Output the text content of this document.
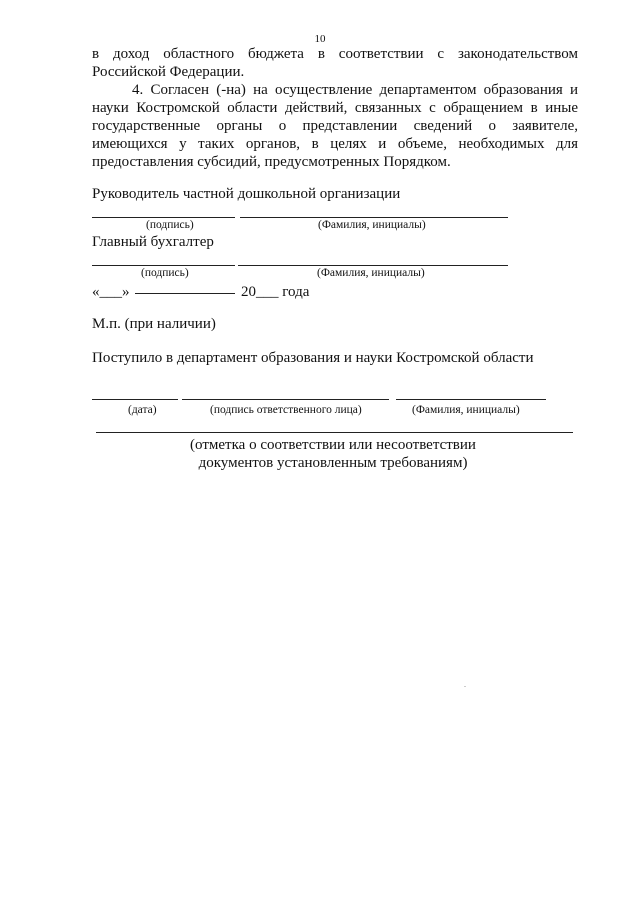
10
в доход областного бюджета в соответствии с законодательством
Российской Федерации.
4. Согласен (-на) на осуществление департаментом образования и
науки Костромской области действий, связанных с обращением в иные
государственные органы о представлении сведений о заявителе,
имеющихся у таких органов, в целях и объеме, необходимых для
предоставления субсидий, предусмотренных Порядком.
Руководитель частной дошкольной организации
(подпись)	(Фамилия, инициалы)
Главный бухгалтер
(подпись)	(Фамилия, инициалы)
«___»	20___ года
М.п. (при наличии)
Поступило в департамент образования и науки Костромской области
(дата)	(подпись ответственного лица)	(Фамилия, инициалы)
(отметка о соответствии или несоответствии
документов установленным требованиям)
